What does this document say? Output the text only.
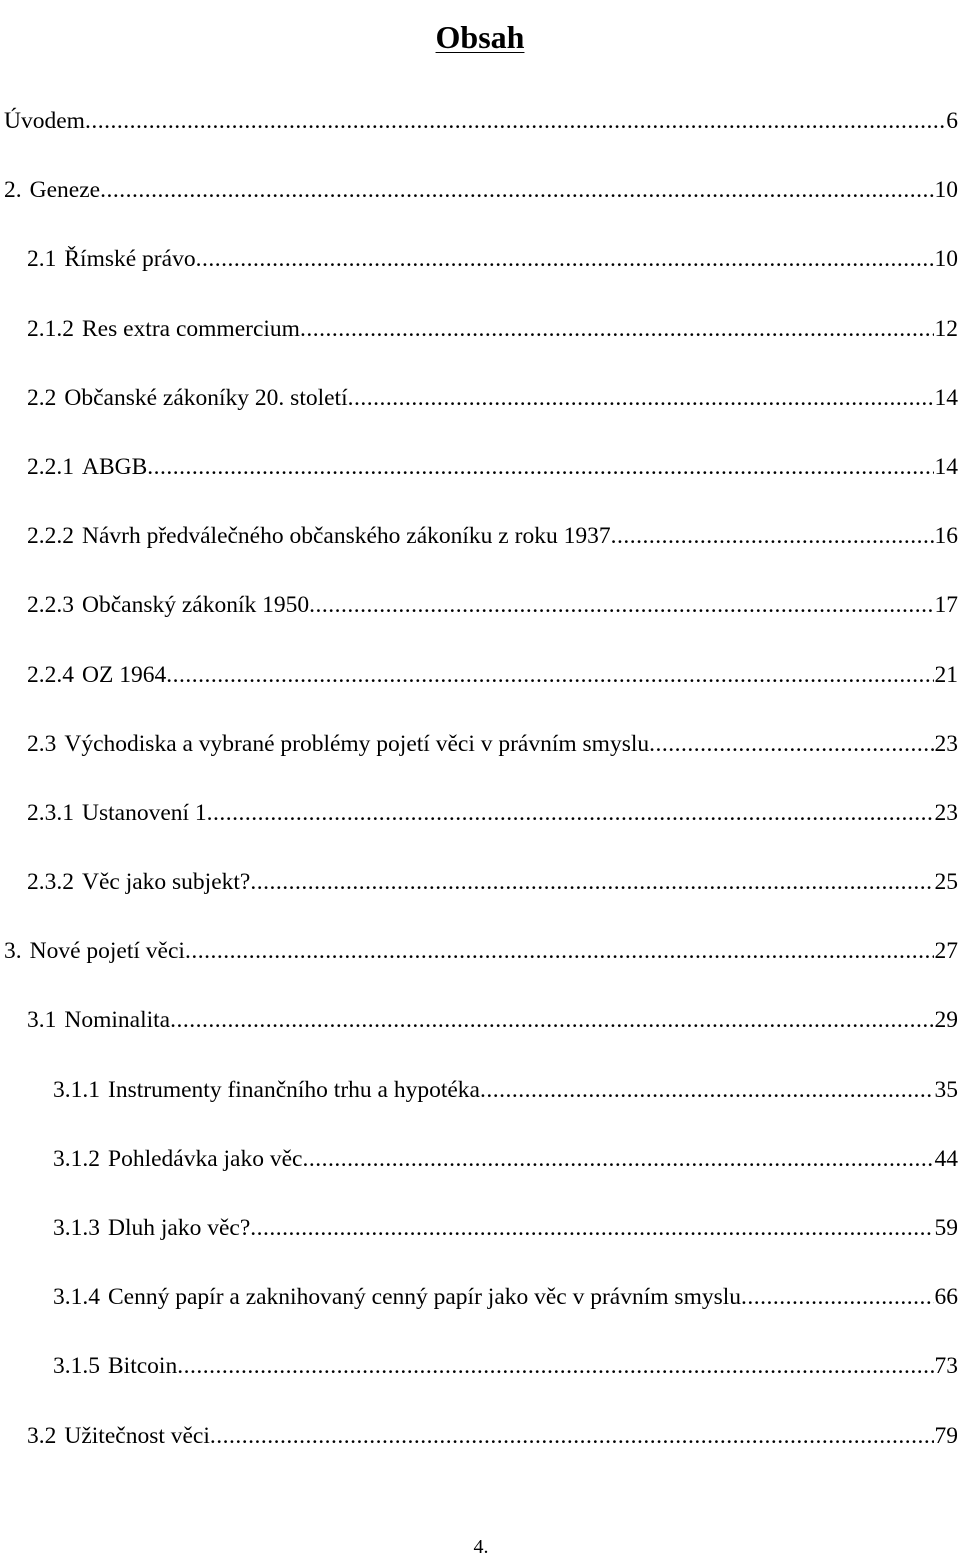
Obsah
Úvodem .....	6
2. Geneze .....	10
2.1 Římské právo .....	10
2.1.2 Res extra commercium .....	12
2.2 Občanské zákoníky 20. století .....	14
2.2.1 ABGB .....	14
2.2.2 Návrh předválečného občanského zákoníku z roku 1937 .....	16
2.2.3 Občanský zákoník 1950 .....	17
2.2.4 OZ 1964 .....	21
2.3 Východiska a vybrané problémy pojetí věci v právním smyslu .....	23
2.3.1 Ustanovení 1 .....	23
2.3.2 Věc jako subjekt? .....	25
3. Nové pojetí věci .....	27
3.1 Nominalita .....	29
3.1.1 Instrumenty finančního trhu a hypotéka .....	35
3.1.2 Pohledávka jako věc .....	44
3.1.3 Dluh jako věc? .....	59
3.1.4 Cenný papír a zaknihovaný cenný papír jako věc v právním smyslu .....	66
3.1.5 Bitcoin .....	73
3.2 Užitečnost věci .....	79
4.
